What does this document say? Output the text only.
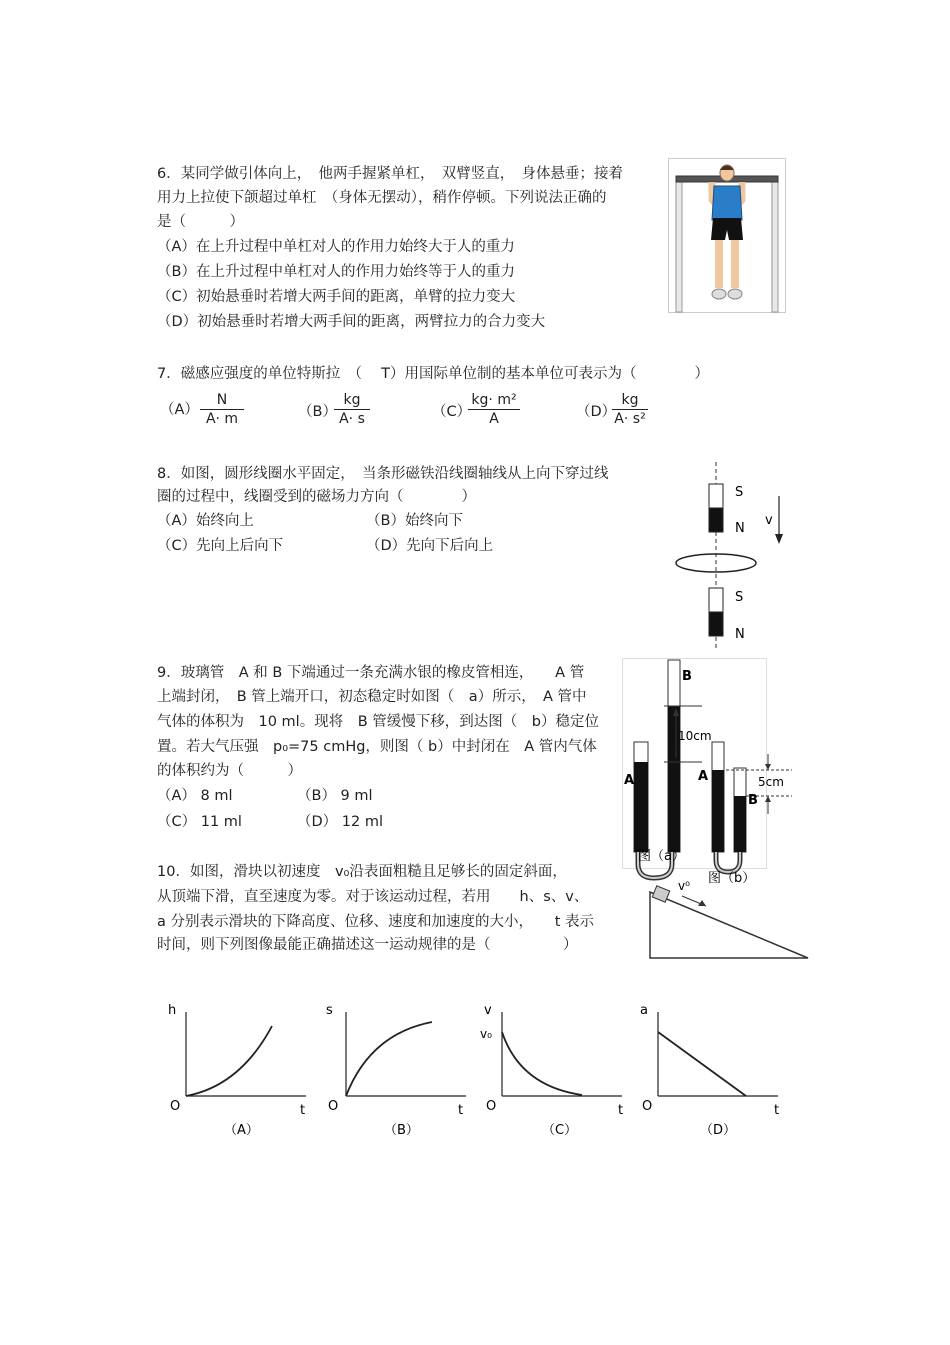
6．某同学做引体向上，　他两手握紧单杠，　双臂竖直，　身体悬垂；接着
用力上拉使下颌超过单杠　（身体无摆动），稍作停顿。下列说法正确的
是（　　　）
（A）在上升过程中单杠对人的作用力始终大于人的重力
（B）在上升过程中单杠对人的作用力始终等于人的重力
（C）初始悬垂时若增大两手间的距离，单臂的拉力变大
（D）初始悬垂时若增大两手间的距离，两臂拉力的合力变大
7．磁感应强度的单位特斯拉　（　 T）用国际单位制的基本单位可表示为（　　　　）
$(A) \frac{N}{A\cdot m}$	（B）
$\frac{kg}{A\cdot s}$	（C）
$\frac{\text{kg· m²}}{A}$	（D）
$\frac{kg}{\text{A· s²}}$
8．如图，圆形线圈水平固定，　当条形磁铁沿线圈轴线从上向下穿过线
圈的过程中，线圈受到的磁场力方向（　　　　）
（A）始终向上	（B）始终向下
（C）先向上后向下	（D）先向下后向上
S
N
v
S
N
9．玻璃管　A 和 B 下端通过一条充满水银的橡皮管相连，　　A 管
上端封闭，　B 管上端开口，初态稳定时如图（　a）所示，　A 管中
气体的体积为　10 ml。现将　B 管缓慢下移，到达图（　b）稳定位
置。若大气压强　p₀=75 cmHg，则图（ b）中封闭在　A 管内气体
的体积约为（　　　）
（A） 8 ml	（B） 9 ml
（C） 11 ml	（D） 12 ml
B
10cm
A	A
B
5cm
图（a）
图（b）
10．如图，滑块以初速度　v₀沿表面粗糙且足够长的固定斜面，
从顶端下滑，直至速度为零。对于该运动过程，若用　　h、s、v、
a 分别表示滑块的下降高度、位移、速度和加速度的大小，　　t 表示
时间，则下列图像最能正确描述这一运动规律的是（　　　　　）
v⁰
h
O	t
（A）
s
O	t
（B）
v
v₀
O	t
（C）
a
O	t
（D）
